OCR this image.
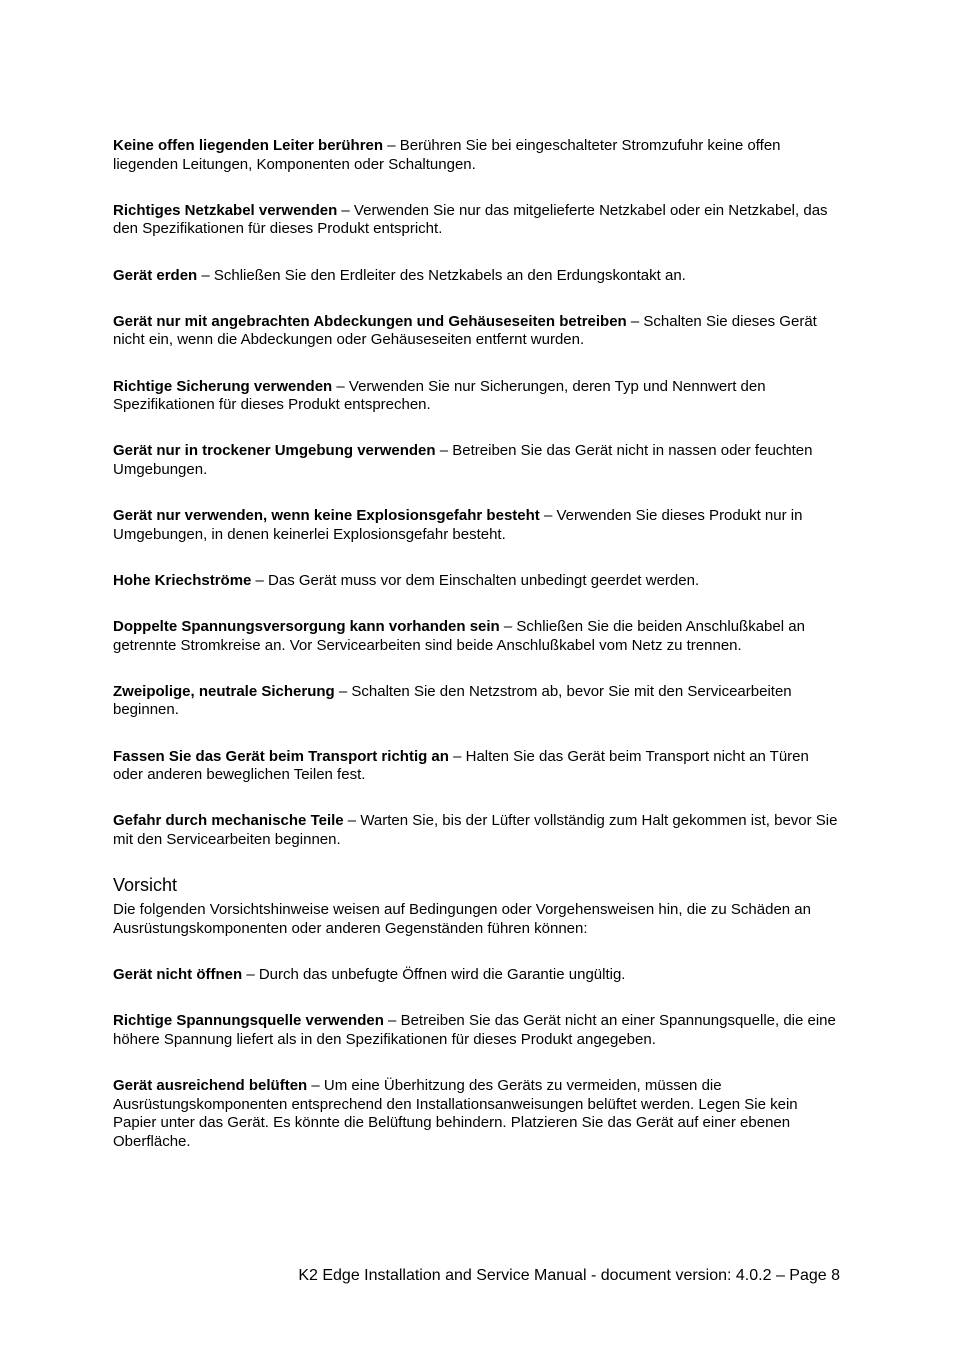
Keine offen liegenden Leiter berühren – Berühren Sie bei eingeschalteter Stromzufuhr keine offen liegenden Leitungen, Komponenten oder Schaltungen.

Richtiges Netzkabel verwenden – Verwenden Sie nur das mitgelieferte Netzkabel oder ein Netzkabel, das den Spezifikationen für dieses Produkt entspricht.

Gerät erden – Schließen Sie den Erdleiter des Netzkabels an den Erdungskontakt an.

Gerät nur mit angebrachten Abdeckungen und Gehäuseseiten betreiben – Schalten Sie dieses Gerät nicht ein, wenn die Abdeckungen oder Gehäuseseiten entfernt wurden.

Richtige Sicherung verwenden – Verwenden Sie nur Sicherungen, deren Typ und Nennwert den Spezifikationen für dieses Produkt entsprechen.

Gerät nur in trockener Umgebung verwenden – Betreiben Sie das Gerät nicht in nassen oder feuchten Umgebungen.

Gerät nur verwenden, wenn keine Explosionsgefahr besteht – Verwenden Sie dieses Produkt nur in Umgebungen, in denen keinerlei Explosionsgefahr besteht.

Hohe Kriechströme – Das Gerät muss vor dem Einschalten unbedingt geerdet werden.

Doppelte Spannungsversorgung kann vorhanden sein – Schließen Sie die beiden Anschlußkabel an getrennte Stromkreise an. Vor Servicearbeiten sind beide Anschlußkabel vom Netz zu trennen.

Zweipolige, neutrale Sicherung – Schalten Sie den Netzstrom ab, bevor Sie mit den Servicearbeiten beginnen.

Fassen Sie das Gerät beim Transport richtig an – Halten Sie das Gerät beim Transport nicht an Türen oder anderen beweglichen Teilen fest.

Gefahr durch mechanische Teile – Warten Sie, bis der Lüfter vollständig zum Halt gekommen ist, bevor Sie mit den Servicearbeiten beginnen.

Vorsicht

Die folgenden Vorsichtshinweise weisen auf Bedingungen oder Vorgehensweisen hin, die zu Schäden an Ausrüstungskomponenten oder anderen Gegenständen führen können:

Gerät nicht öffnen – Durch das unbefugte Öffnen wird die Garantie ungültig.

Richtige Spannungsquelle verwenden – Betreiben Sie das Gerät nicht an einer Spannungsquelle, die eine höhere Spannung liefert als in den Spezifikationen für dieses Produkt angegeben.

Gerät ausreichend belüften – Um eine Überhitzung des Geräts zu vermeiden, müssen die Ausrüstungskomponenten entsprechend den Installationsanweisungen belüftet werden. Legen Sie kein Papier unter das Gerät. Es könnte die Belüftung behindern. Platzieren Sie das Gerät auf einer ebenen Oberfläche.

K2 Edge Installation and Service Manual - document version: 4.0.2 – Page 8
